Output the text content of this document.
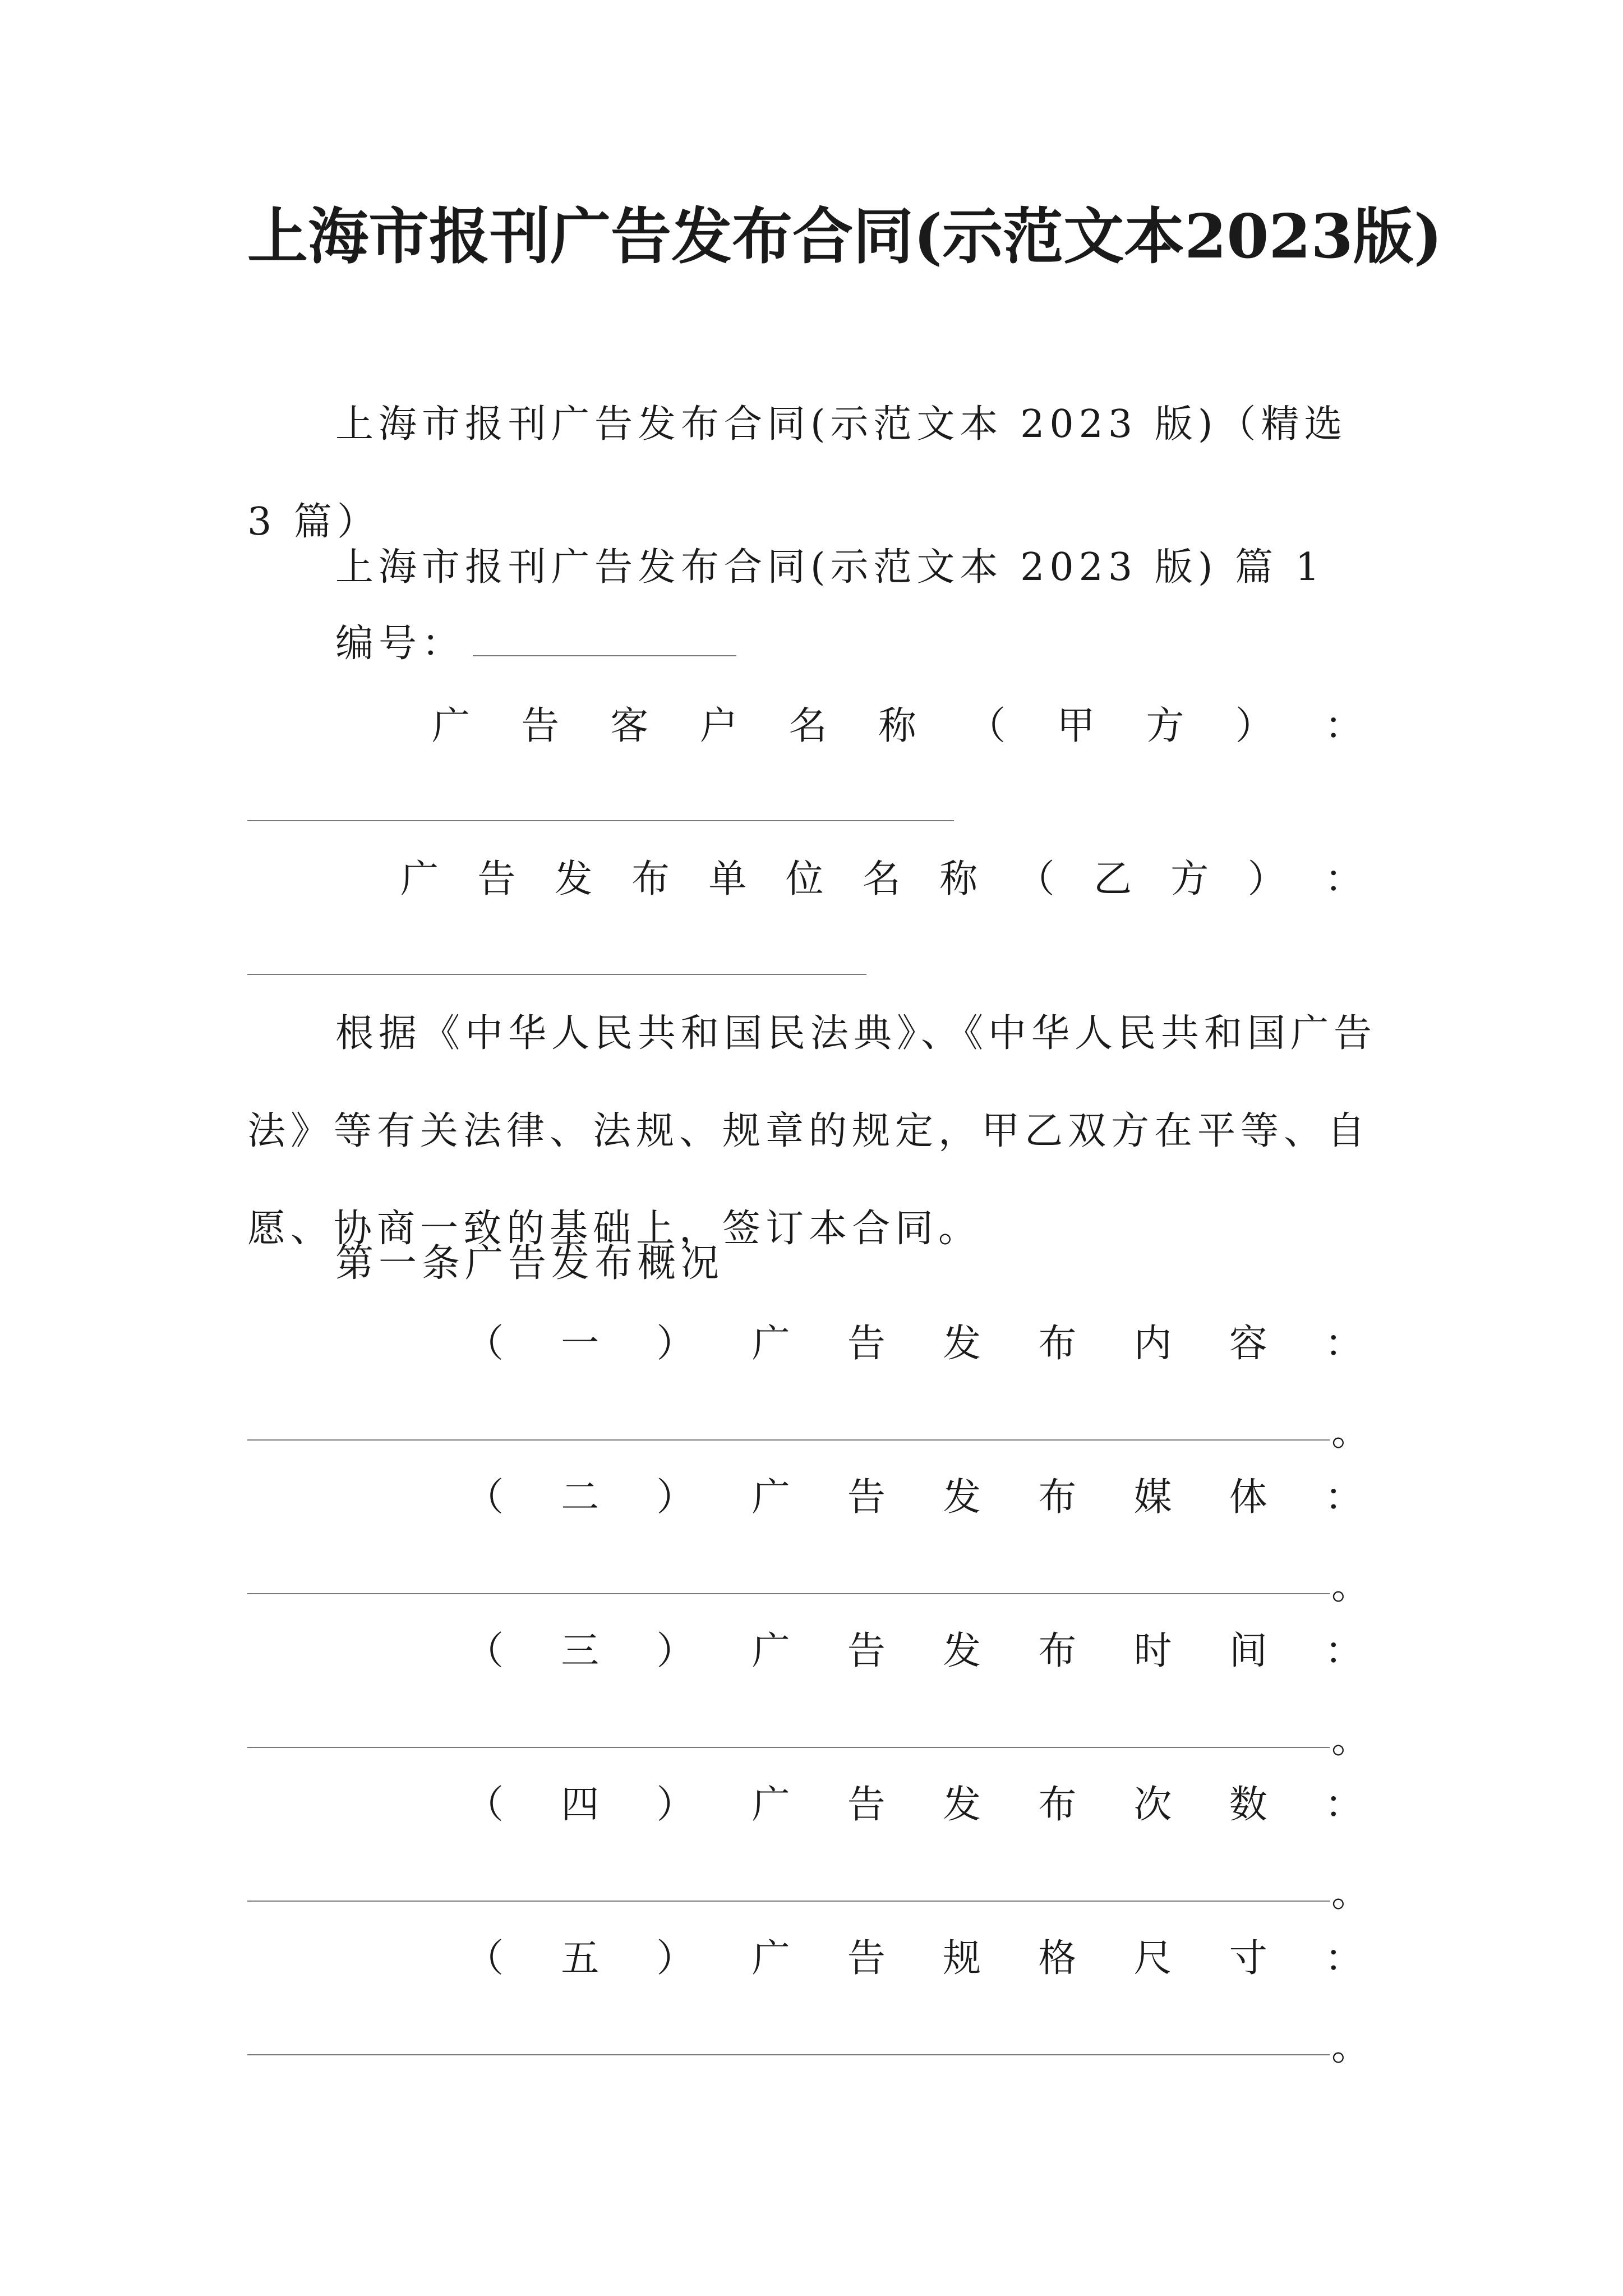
上海市报刊广告发布合同(示范文本2023版)
上海市报刊广告发布合同(示范文本 2023 版)（精选 3 篇）
上海市报刊广告发布合同(示范文本 2023 版) 篇 1
编号：
广 告 客 户 名 称 （ 甲 方 ） ：
广 告 发 布 单 位 名 称 （ 乙 方 ） ：
根据《中华人民共和国民法典》、《中华人民共和国广告法》等有关法律、法规、规章的规定，甲乙双方在平等、自愿、协商一致的基础上，签订本合同。
第一条广告发布概况
（ 一 ） 广 告 发 布 内 容 ：
。
（ 二 ） 广 告 发 布 媒 体 ：
。
（ 三 ） 广 告 发 布 时 间 ：
。
（ 四 ） 广 告 发 布 次 数 ：
。
（ 五 ） 广 告 规 格 尺 寸 ：
。
